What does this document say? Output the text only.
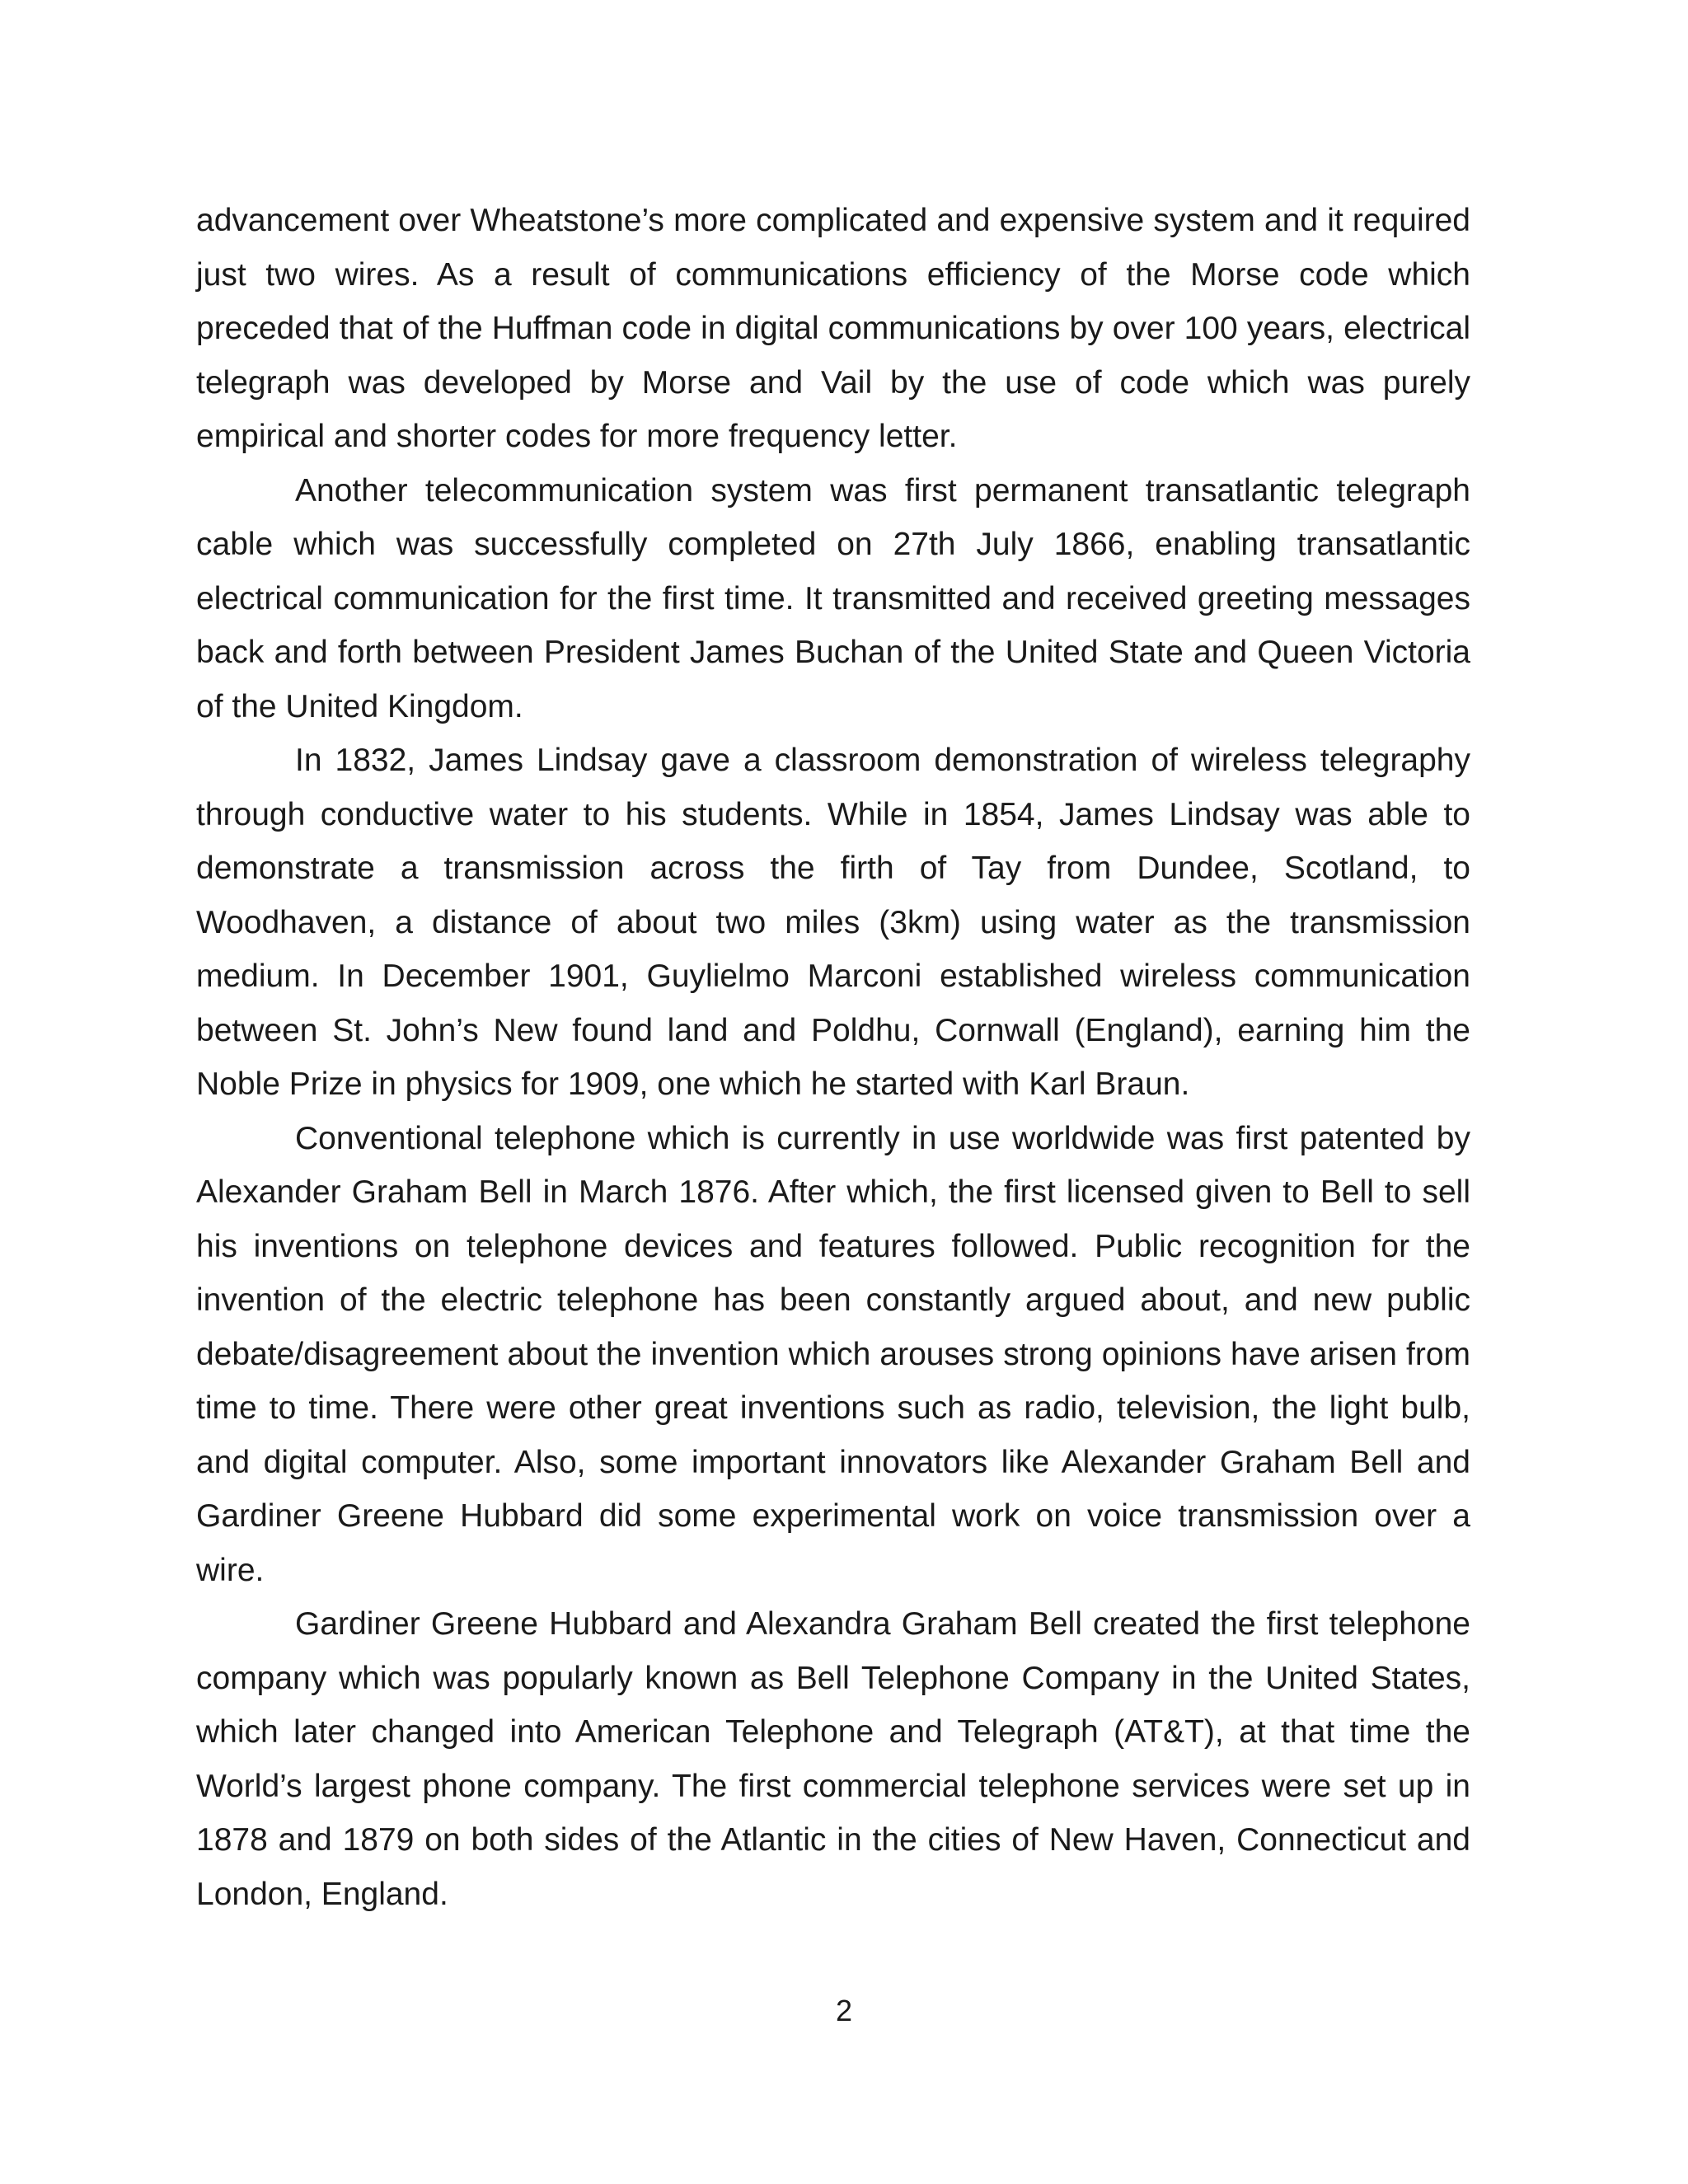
advancement over Wheatstone’s more complicated and expensive system and it required just two wires. As a result of communications efficiency of the Morse code which preceded that of the Huffman code in digital communications by over 100 years, electrical telegraph was developed by Morse and Vail by the use of code which was purely empirical and shorter codes for more frequency letter.

Another telecommunication system was first permanent transatlantic telegraph cable which was successfully completed on 27th July 1866, enabling transatlantic electrical communication for the first time. It transmitted and received greeting messages back and forth between President James Buchan of the United State and Queen Victoria of the United Kingdom.

In 1832, James Lindsay gave a classroom demonstration of wireless telegraphy through conductive water to his students. While in 1854, James Lindsay was able to demonstrate a transmission across the firth of Tay from Dundee, Scotland, to Woodhaven, a distance of about two miles (3km) using water as the transmission medium. In December 1901, Guylielmo Marconi established wireless communication between St. John’s New found land and Poldhu, Cornwall (England), earning him the Noble Prize in physics for 1909, one which he started with Karl Braun.

Conventional telephone which is currently in use worldwide was first patented by Alexander Graham Bell in March 1876. After which, the first licensed given to Bell to sell his inventions on telephone devices and features followed. Public recognition for the invention of the electric telephone has been constantly argued about, and new public debate/disagreement about the invention which arouses strong opinions have arisen from time to time. There were other great inventions such as radio, television, the light bulb, and digital computer. Also, some important innovators like Alexander Graham Bell and Gardiner Greene Hubbard did some experimental work on voice transmission over a wire.

Gardiner Greene Hubbard and Alexandra Graham Bell created the first telephone company which was popularly known as Bell Telephone Company in the United States, which later changed into American Telephone and Telegraph (AT&T), at that time the World’s largest phone company. The first commercial telephone services were set up in 1878 and 1879 on both sides of the Atlantic in the cities of New Haven, Connecticut and London, England.

2
